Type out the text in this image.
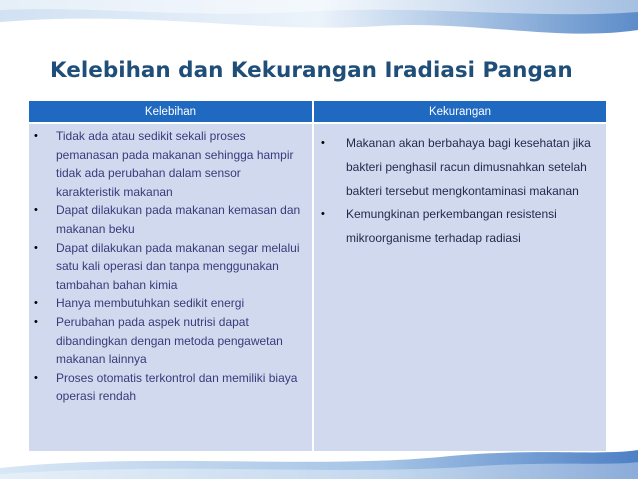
Kelebihan dan Kekurangan Iradiasi Pangan
Kelebihan	Kekurangan
• Tidak ada atau sedikit sekali proses pemanasan pada makanan sehingga hampir tidak ada perubahan dalam sensor karakteristik makanan
• Dapat dilakukan pada makanan kemasan dan makanan beku
• Dapat dilakukan pada makanan segar melalui satu kali operasi dan tanpa menggunakan tambahan bahan kimia
• Hanya membutuhkan sedikit energi
• Perubahan pada aspek nutrisi dapat dibandingkan dengan metoda pengawetan makanan lainnya
• Proses otomatis terkontrol dan memiliki biaya operasi rendah
• Makanan akan berbahaya bagi kesehatan jika bakteri penghasil racun dimusnahkan setelah bakteri tersebut mengkontaminasi makanan
• Kemungkinan perkembangan resistensi mikroorganisme terhadap radiasi
